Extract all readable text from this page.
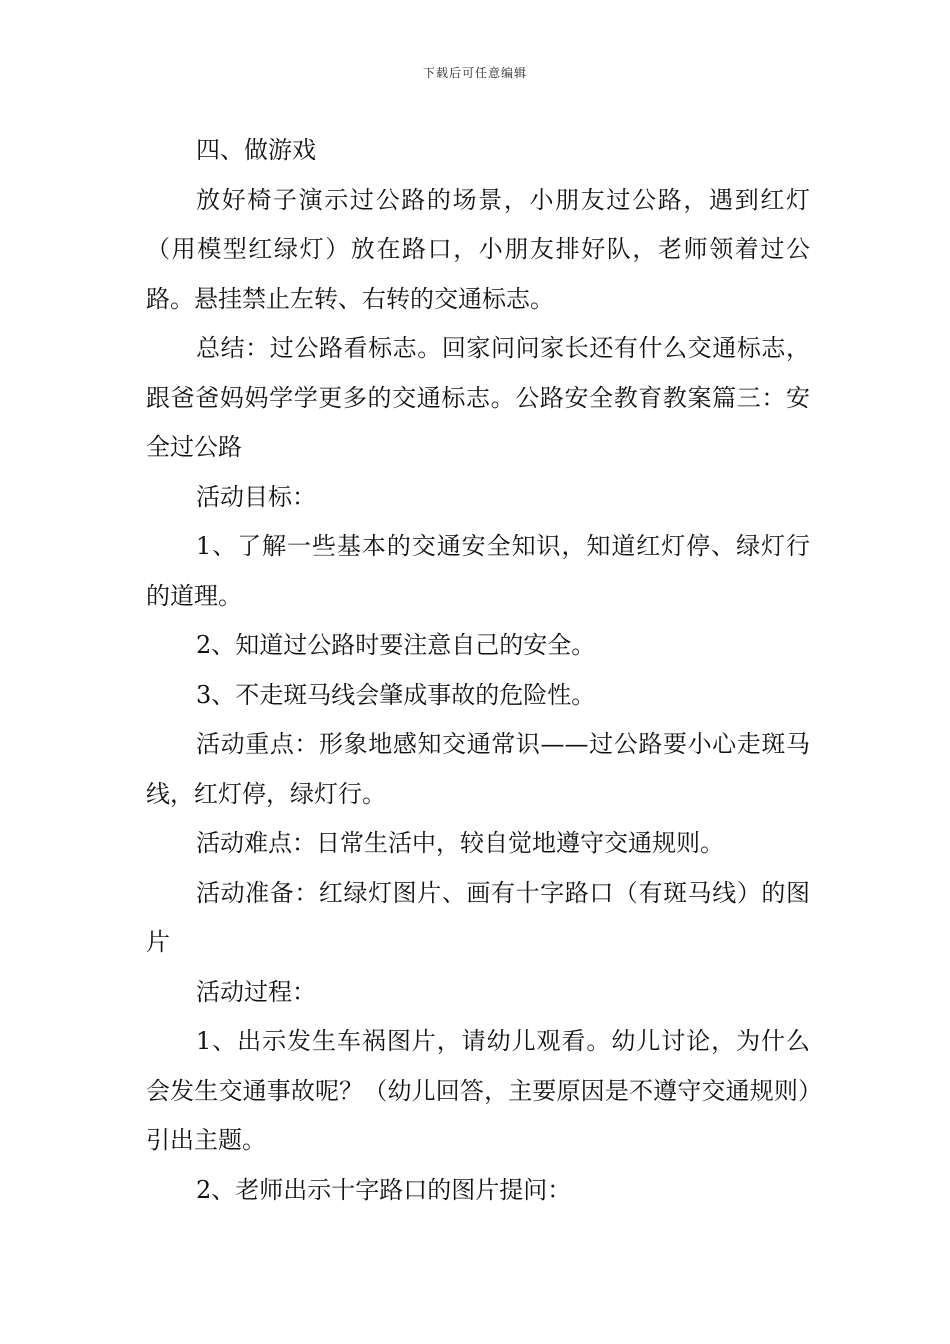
下载后可任意编辑

四、做游戏

放好椅子演示过公路的场景，小朋友过公路，遇到红灯（用模型红绿灯）放在路口，小朋友排好队，老师领着过公路。悬挂禁止左转、右转的交通标志。

总结：过公路看标志。回家问问家长还有什么交通标志，跟爸爸妈妈学学更多的交通标志。公路安全教育教案篇三：安全过公路

活动目标：

1、了解一些基本的交通安全知识，知道红灯停、绿灯行的道理。

2、知道过公路时要注意自己的安全。

3、不走斑马线会肇成事故的危险性。

活动重点：形象地感知交通常识——过公路要小心走斑马线，红灯停，绿灯行。

活动难点：日常生活中，较自觉地遵守交通规则。

活动准备：红绿灯图片、画有十字路口（有斑马线）的图片

活动过程：

1、出示发生车祸图片，请幼儿观看。幼儿讨论，为什么会发生交通事故呢？（幼儿回答，主要原因是不遵守交通规则）引出主题。

2、老师出示十字路口的图片提问：
